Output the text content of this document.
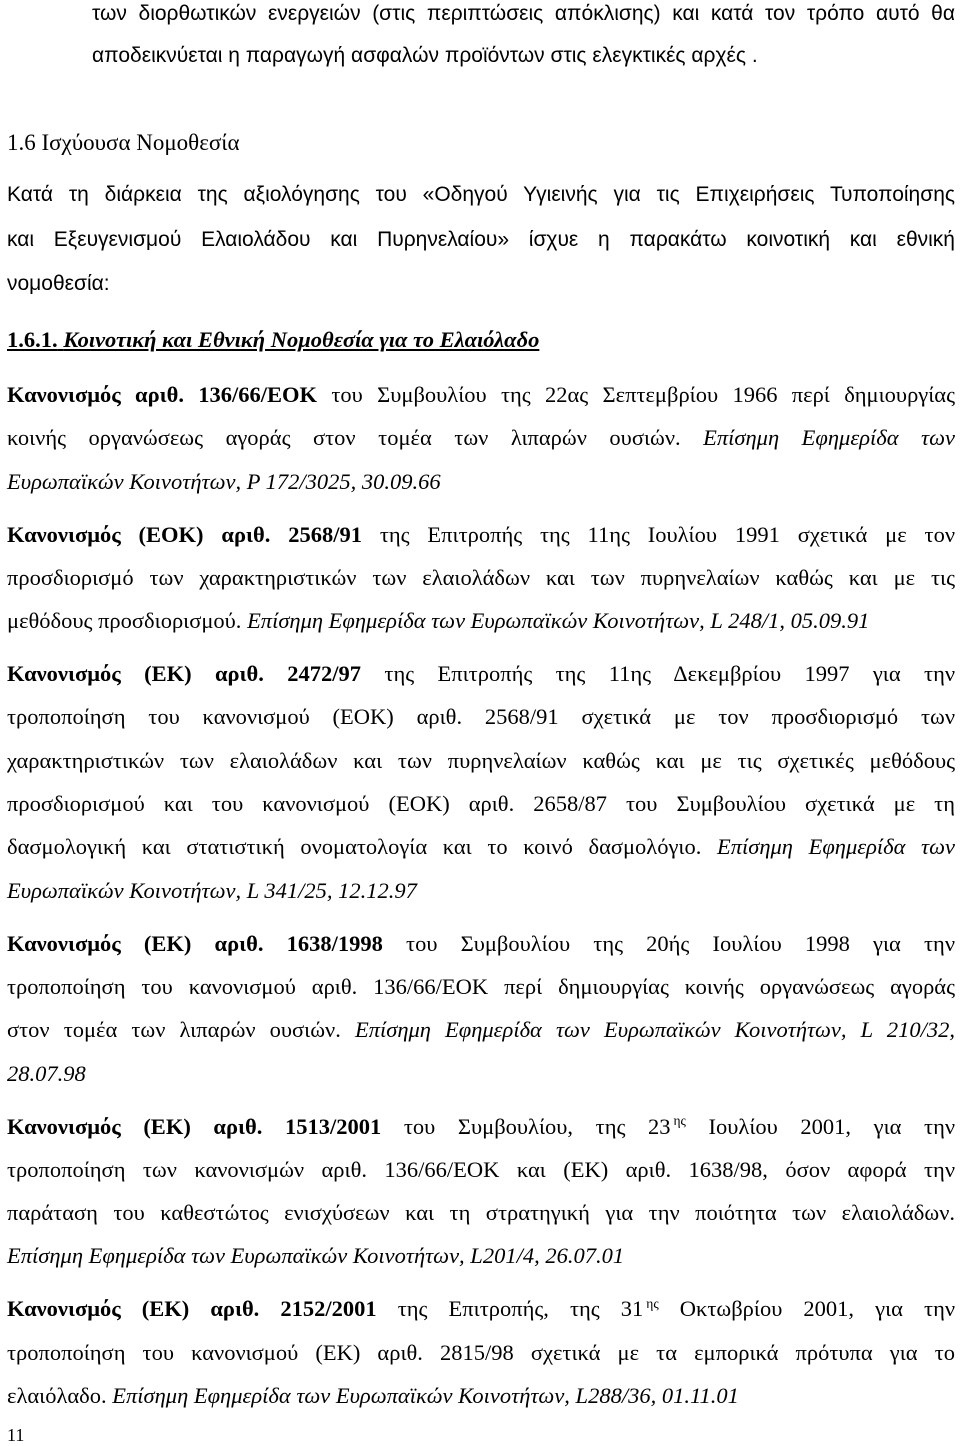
των διορθωτικών ενεργειών (στις περιπτώσεις απόκλισης) και κατά τον τρόπο αυτό θα
αποδεικνύεται η παραγωγή ασφαλών προϊόντων στις ελεγκτικές αρχές .
1.6 Ισχύουσα Νομοθεσία
Κατά τη διάρκεια της αξιολόγησης του «Οδηγού Υγιεινής για τις Επιχειρήσεις Τυποποίησης
και Εξευγενισμού Ελαιολάδου και Πυρηνελαίου» ίσχυε η παρακάτω κοινοτική και εθνική
νομοθεσία:
1.6.1. Κοινοτική και Εθνική Νομοθεσία για το Ελαιόλαδο
Κανονισμός αριθ. 136/66/ΕΟΚ του Συμβουλίου της 22ας Σεπτεμβρίου 1966 περί δημιουργίας
κοινής οργανώσεως αγοράς στον τομέα των λιπαρών ουσιών. Επίσημη Εφημερίδα των
Ευρωπαϊκών Κοινοτήτων, P 172/3025, 30.09.66
Κανονισμός (ΕΟΚ) αριθ. 2568/91 της Επιτροπής της 11ης Ιουλίου 1991 σχετικά με τον
προσδιορισμό των χαρακτηριστικών των ελαιολάδων και των πυρηνελαίων καθώς και με τις
μεθόδους προσδιορισμού. Επίσημη Εφημερίδα των Ευρωπαϊκών Κοινοτήτων, L 248/1, 05.09.91
Κανονισμός (ΕΚ) αριθ. 2472/97 της Επιτροπής της 11ης Δεκεμβρίου 1997 για την
τροποποίηση του κανονισμού (ΕΟΚ) αριθ. 2568/91 σχετικά με τον προσδιορισμό των
χαρακτηριστικών των ελαιολάδων και των πυρηνελαίων καθώς και με τις σχετικές μεθόδους
προσδιορισμού και του κανονισμού (ΕΟΚ) αριθ. 2658/87 του Συμβουλίου σχετικά με τη
δασμολογική και στατιστική ονοματολογία και το κοινό δασμολόγιο. Επίσημη Εφημερίδα των
Ευρωπαϊκών Κοινοτήτων, L 341/25, 12.12.97
Κανονισμός (ΕΚ) αριθ. 1638/1998 του Συμβουλίου της 20ής Ιουλίου 1998 για την
τροποποίηση του κανονισμού αριθ. 136/66/ΕΟΚ περί δημιουργίας κοινής οργανώσεως αγοράς
στον τομέα των λιπαρών ουσιών. Επίσημη Εφημερίδα των Ευρωπαϊκών Κοινοτήτων, L 210/32,
28.07.98
Κανονισμός (ΕΚ) αριθ. 1513/2001 του Συμβουλίου, της 23 $^{\eta\varsigma}$ Ιουλίου 2001, για την
τροποποίηση των κανονισμών αριθ. 136/66/ΕΟΚ και (ΕΚ) αριθ. 1638/98, όσον αφορά την
παράταση του καθεστώτος ενισχύσεων και τη στρατηγική για την ποιότητα των ελαιολάδων.
Επίσημη Εφημερίδα των Ευρωπαϊκών Κοινοτήτων, L201/4, 26.07.01
Κανονισμός (ΕΚ) αριθ. 2152/2001 της Επιτροπής, της 31 $^{\eta\varsigma}$ Οκτωβρίου 2001, για την
τροποποίηση του κανονισμού (ΕΚ) αριθ. 2815/98 σχετικά με τα εμπορικά πρότυπα για το
ελαιόλαδο. Επίσημη Εφημερίδα των Ευρωπαϊκών Κοινοτήτων, L288/36, 01.11.01
11
